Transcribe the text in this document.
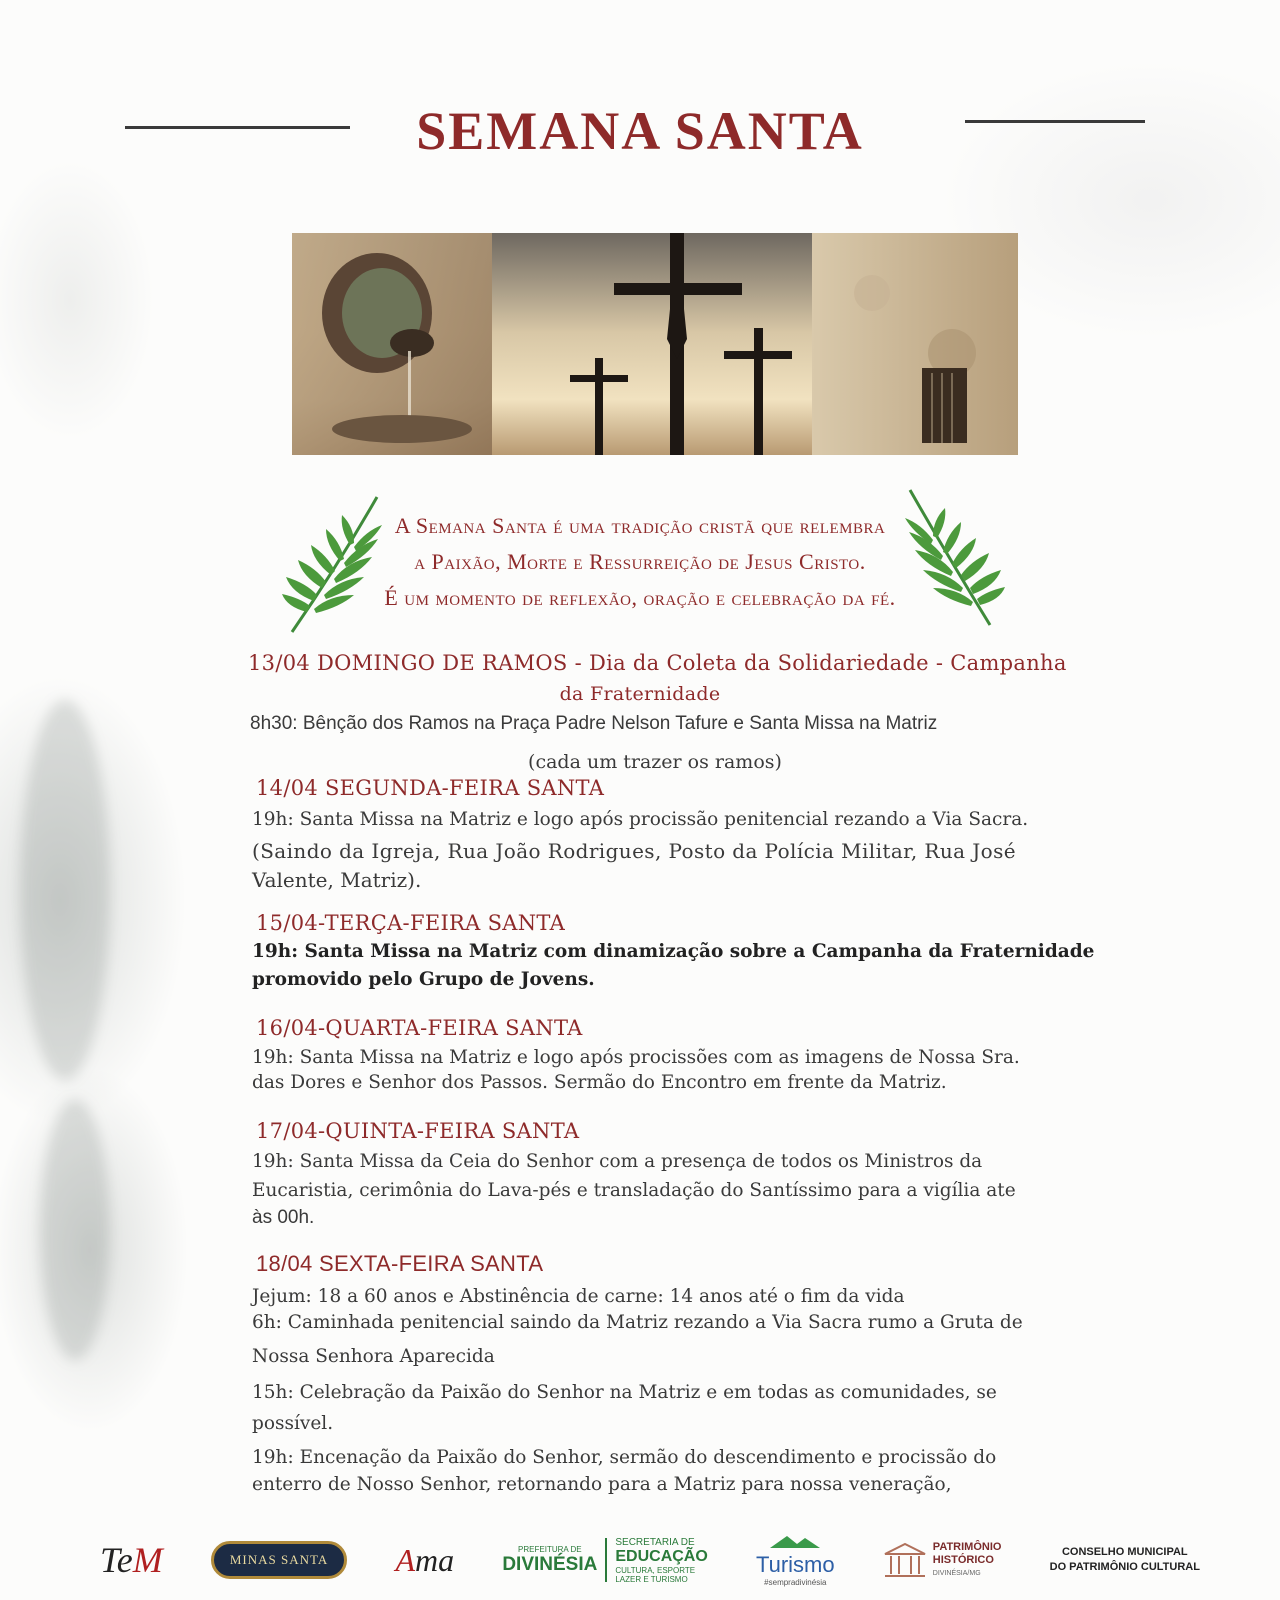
SEMANA SANTA
A Semana Santa é uma tradição cristã que relembra
a Paixão, Morte e Ressurreição de Jesus Cristo.
É um momento de reflexão, oração e celebração da fé.
13/04 DOMINGO DE RAMOS - Dia da Coleta da Solidariedade - Campanha
da Fraternidade
8h30: Bênção dos Ramos na Praça Padre Nelson Tafure e Santa Missa na Matriz
(cada um trazer os ramos)
14/04 SEGUNDA-FEIRA SANTA
19h: Santa Missa na Matriz e logo após procissão penitencial rezando a Via Sacra.
(Saindo da Igreja, Rua João Rodrigues, Posto da Polícia Militar, Rua José
Valente, Matriz).
15/04-TERÇA-FEIRA SANTA
19h: Santa Missa na Matriz com dinamização sobre a Campanha da Fraternidade
promovido pelo Grupo de Jovens.
16/04-QUARTA-FEIRA SANTA
19h: Santa Missa na Matriz e logo após procissões com as imagens de Nossa Sra.
das Dores e Senhor dos Passos. Sermão do Encontro em frente da Matriz.
17/04-QUINTA-FEIRA SANTA
19h: Santa Missa da Ceia do Senhor com a presença de todos os Ministros da
Eucaristia, cerimônia do Lava-pés e transladação do Santíssimo para a vigília ate
às 00h.
18/04 SEXTA-FEIRA SANTA
Jejum: 18 a 60 anos e Abstinência de carne: 14 anos até o fim da vida
6h: Caminhada penitencial saindo da Matriz rezando a Via Sacra rumo a Gruta de
Nossa Senhora Aparecida
15h: Celebração da Paixão do Senhor na Matriz e em todas as comunidades, se
possível.
19h: Encenação da Paixão do Senhor, sermão do descendimento e procissão do
enterro de Nosso Senhor, retornando para a Matriz para nossa veneração,
Te M	MINAS SANTA	A ma	PREFEITURA DE
DIVINÉSIA
SECRETARIA DE
EDUCAÇÃO
CULTURA, ESPORTE
LAZER E TURISMO
Turismo
#sempradivinésia
PATRIMÔNIO
HISTÓRICO
DIVINÉSIA/MG
CONSELHO MUNICIPAL
DO PATRIMÔNIO CULTURAL
